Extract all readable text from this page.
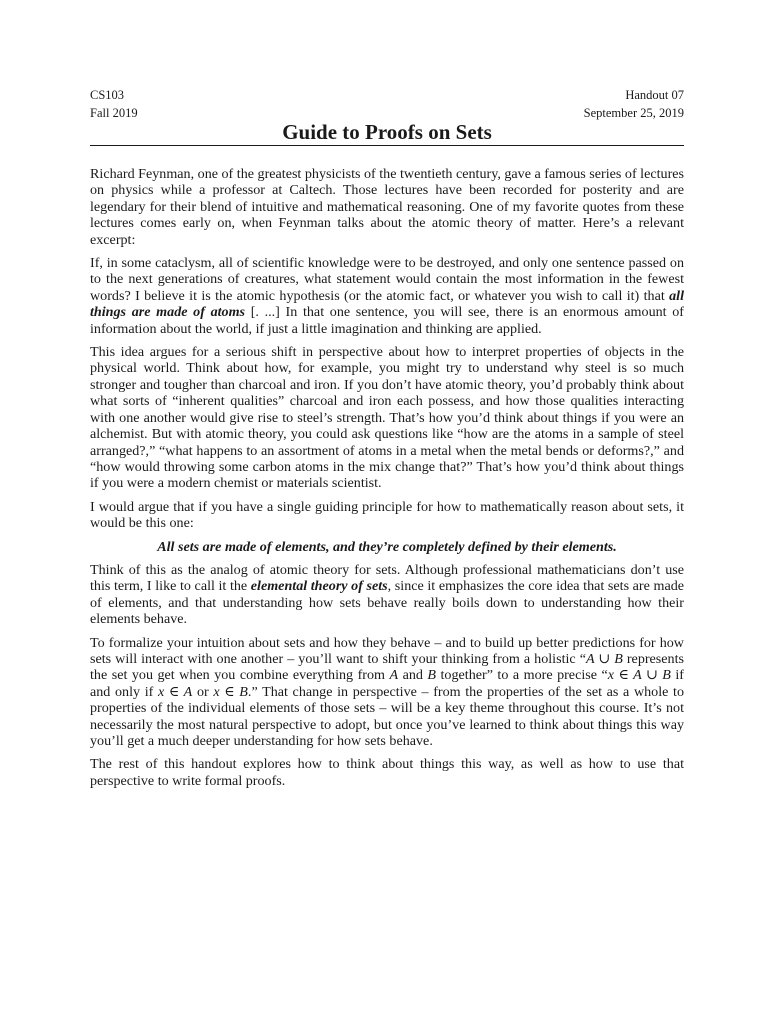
CS103	Handout 07
Fall 2019	September 25, 2019
Guide to Proofs on Sets

Richard Feynman, one of the greatest physicists of the twentieth century, gave a famous series of lectures on physics while a professor at Caltech. Those lectures have been recorded for posterity and are legendary for their blend of intuitive and mathematical reasoning. One of my favorite quotes from these lectures comes early on, when Feynman talks about the atomic theory of matter. Here’s a relevant excerpt:

If, in some cataclysm, all of scientific knowledge were to be destroyed, and only one sentence passed on to the next generations of creatures, what statement would contain the most information in the fewest words? I believe it is the atomic hypothesis (or the atomic fact, or whatever you wish to call it) that all things are made of atoms [. ...] In that one sentence, you will see, there is an enormous amount of information about the world, if just a little imagination and thinking are applied.

This idea argues for a serious shift in perspective about how to interpret properties of objects in the physical world. Think about how, for example, you might try to understand why steel is so much stronger and tougher than charcoal and iron. If you don’t have atomic theory, you’d probably think about what sorts of “inherent qualities” charcoal and iron each possess, and how those qualities interacting with one another would give rise to steel’s strength. That’s how you’d think about things if you were an alchemist. But with atomic theory, you could ask questions like “how are the atoms in a sample of steel arranged?,” “what happens to an assortment of atoms in a metal when the metal bends or deforms?,” and “how would throwing some carbon atoms in the mix change that?” That’s how you’d think about things if you were a modern chemist or materials scientist.

I would argue that if you have a single guiding principle for how to mathematically reason about sets, it would be this one:

All sets are made of elements, and they’re completely defined by their elements.

Think of this as the analog of atomic theory for sets. Although professional mathematicians don’t use this term, I like to call it the elemental theory of sets, since it emphasizes the core idea that sets are made of elements, and that understanding how sets behave really boils down to understanding how their elements behave.

To formalize your intuition about sets and how they behave – and to build up better predictions for how sets will interact with one another – you’ll want to shift your thinking from a holistic “A ∪ B represents the set you get when you combine everything from A and B together” to a more precise “x ∈ A ∪ B if and only if x ∈ A or x ∈ B.” That change in perspective – from the properties of the set as a whole to properties of the individual elements of those sets – will be a key theme throughout this course. It’s not necessarily the most natural perspective to adopt, but once you’ve learned to think about things this way you’ll get a much deeper understanding for how sets behave.

The rest of this handout explores how to think about things this way, as well as how to use that perspective to write formal proofs.
